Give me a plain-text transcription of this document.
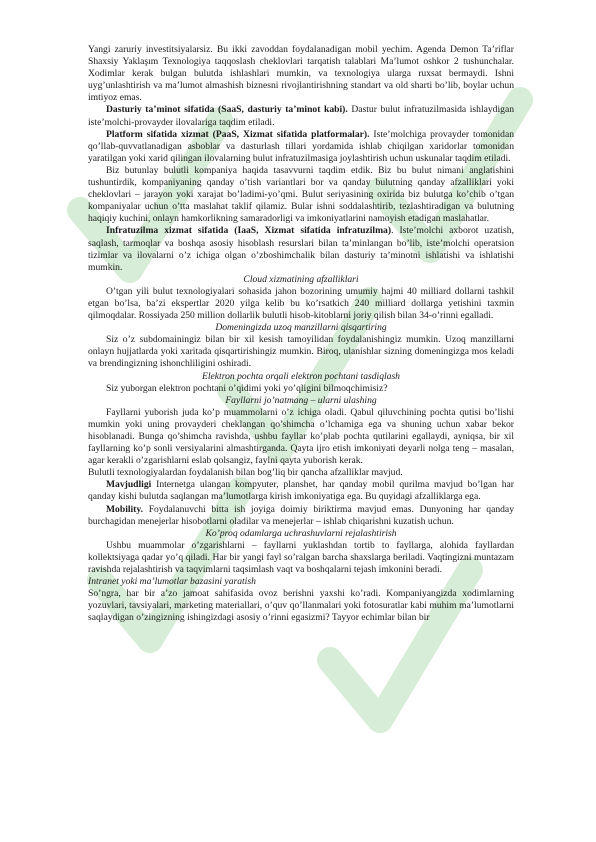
Yangi zaruriy investitsiyalarsiz. Bu ikki zavoddan foydalanadigan mobil yechim. Agenda Demon Ta’riflar Shaxsiy Yaklaşım Texnologiya taqqoslash cheklovlari tarqatish talablari Ma’lumot oshkor 2 tushunchalar. Xodimlar kerak bulgan bulutda ishlashlari mumkin, va texnologiya ularga ruxsat bermaydi. Ishni uyg’unlashtirish va ma’lumot almashish biznesni rivojlantirishning standart va old sharti bo’lib, boylar uchun imtiyoz emas.

Dasturiy ta’minot sifatida (SaaS, dasturiy ta’minot kabi). Dastur bulut infratuzilmasida ishlaydigan iste’molchi-provayder ilovalariga taqdim etiladi.

Platform sifatida xizmat (PaaS, Xizmat sifatida platformalar). Iste’molchiga provayder tomonidan qo’llab-quvvatlanadigan asboblar va dasturlash tillari yordamida ishlab chiqilgan xaridorlar tomonidan yaratilgan yoki xarid qilingan ilovalarning bulut infratuzilmasiga joylashtirish uchun uskunalar taqdim etiladi.

Biz butunlay bulutli kompaniya haqida tasavvurni taqdim etdik. Biz bu bulut nimani anglatishini tushuntirdik, kompaniyaning qanday o’tish variantlari bor va qanday bulutning qanday afzalliklari yoki cheklovlari – jarayon yoki xarajat bo’ladimi-yo’qmi. Bulut seriyasining oxirida biz bulutga ko’chib o’tgan kompaniyalar uchun o’tta maslahat taklif qilamiz. Bular ishni soddalashtirib, tezlashtiradigan va bulutning haqiqiy kuchini, onlayn hamkorlikning samaradorligi va imkoniyatlarini namoyish etadigan maslahatlar.

Infratuzilma xizmat sifatida (IaaS, Xizmat sifatida infratuzilma). Iste’molchi axborot uzatish, saqlash, tarmoqlar va boshqa asosiy hisoblash resurslari bilan ta’minlangan bo’lib, iste’molchi operatsion tizimlar va ilovalarni o’z ichiga olgan o’zboshimchalik bilan dasturiy ta’minotni ishlatishi va ishlatishi mumkin.

Cloud xizmatining afzalliklari

O’tgan yili bulut texnologiyalari sohasida jahon bozorining umumiy hajmi 40 milliard dollarni tashkil etgan bo’lsa, ba’zi ekspertlar 2020 yilga kelib bu ko’rsatkich 240 milliard dollarga yetishini taxmin qilmoqdalar. Rossiyada 250 million dollarlik bulutli hisob-kitoblarni joriy qilish bilan 34-o’rinni egalladi.

Domeningizda uzoq manzillarni qisqartiring

Siz o’z subdomainingiz bilan bir xil kesish tamoyilidan foydalanishingiz mumkin. Uzoq manzillarni onlayn hujjatlarda yoki xaritada qisqartirishingiz mumkin. Biroq, ulanishlar sizning domeningizga mos keladi va brendingizning ishonchliligini oshiradi.

Elektron pochta orqali elektron pochtani tasdiqlash

Siz yuborgan elektron pochtani o’qidimi yoki yo’qligini bilmoqchimisiz?

Fayllarni jo’natmang – ularni ulashing

Fayllarni yuborish juda ko’p muammolarni o’z ichiga oladi. Qabul qiluvchining pochta qutisi bo’lishi mumkin yoki uning provayderi cheklangan qo’shimcha o’lchamiga ega va shuning uchun xabar bekor hisoblanadi. Bunga qo’shimcha ravishda, ushbu fayllar ko’plab pochta qutilarini egallaydi, ayniqsa, bir xil fayllarning ko’p sonli versiyalarini almashtirganda. Qayta ijro etish imkoniyati deyarli nolga teng – masalan, agar kerakli o’zgarishlarni eslab qolsangiz, faylni qayta yuborish kerak.

Bulutli texnologiyalardan foydalanish bilan bog’liq bir qancha afzalliklar mavjud.

Mavjudligi Internetga ulangan kompyuter, planshet, har qanday mobil qurilma mavjud bo’lgan har qanday kishi bulutda saqlangan ma’lumotlarga kirish imkoniyatiga ega. Bu quyidagi afzalliklarga ega.

Mobility. Foydalanuvchi bitta ish joyiga doimiy biriktirma mavjud emas. Dunyoning har qanday burchagidan menejerlar hisobotlarni oladilar va menejerlar – ishlab chiqarishni kuzatish uchun.

Ko’proq odamlarga uchrashuvlarni rejalashtirish

Ushbu muammolar o’zgarishlarni – fayllarni yuklashdan tortib to fayllarga, alohida fayllardan kollektsiyaga qadar yo’q qiladi. Har bir yangi fayl so’ralgan barcha shaxslarga beriladi. Vaqtingizni muntazam ravishda rejalashtirish va taqvimlarni taqsimlash vaqt va boshqalarni tejash imkonini beradi.

Intranet yoki ma’lumotlar bazasini yaratish

So’ngra, har bir a’zo jamoat sahifasida ovoz berishni yaxshi ko’radi. Kompaniyangizda xodimlarning yozuvlari, tavsiyalari, marketing materiallari, o’quv qo’llanmalari yoki fotosuratlar kabi muhim ma’lumotlarni saqlaydigan o’zingizning ishingizdagi asosiy o’rinni egasizmi? Tayyor echimlar bilan bir
